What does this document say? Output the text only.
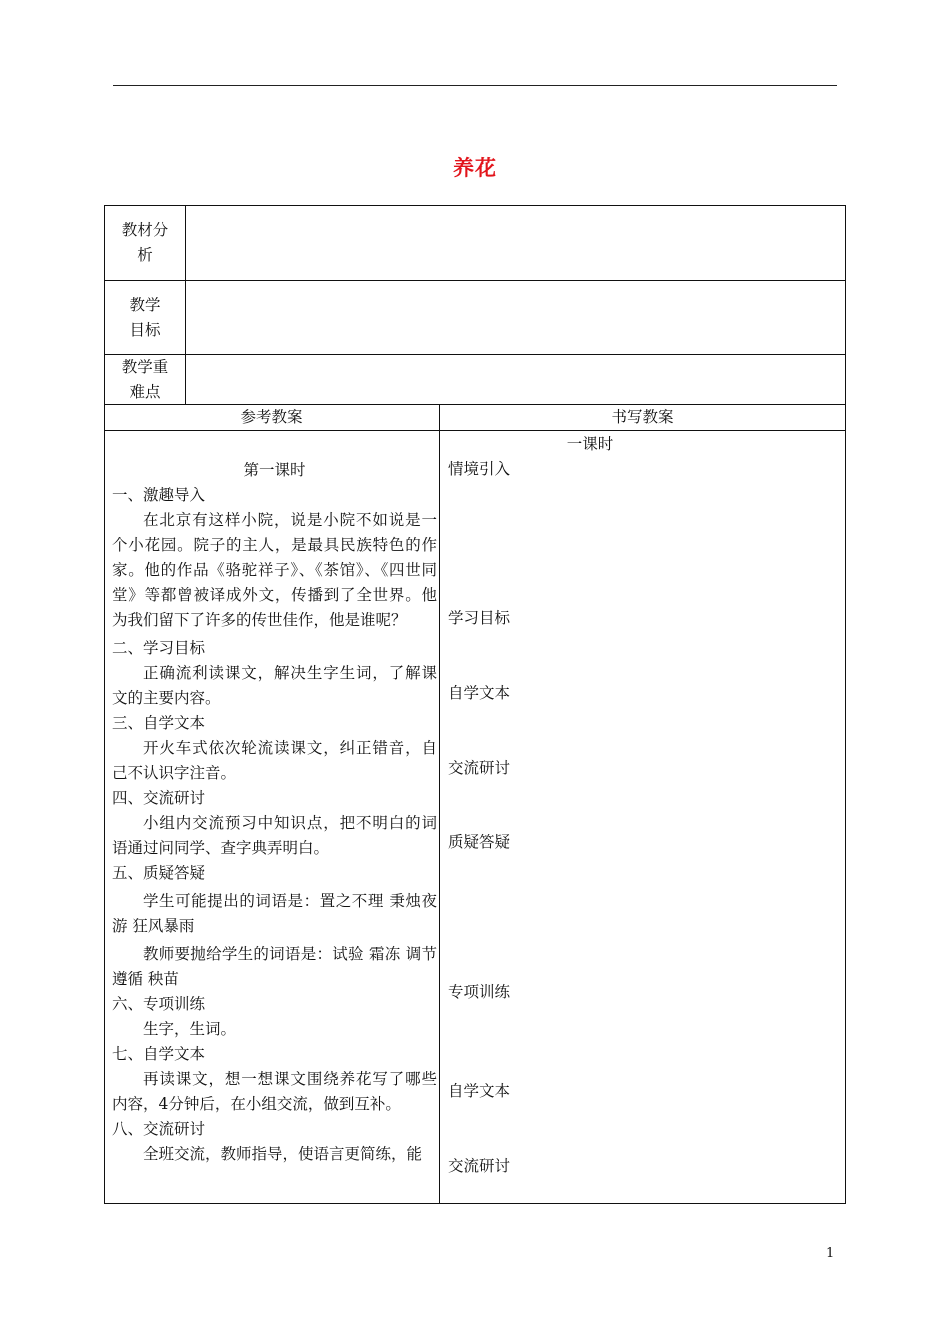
养花
教材分
析
教学
目标
教学重
难点
参考教案	书写教案

第一课时

一、激趣导入

在北京有这样小院，说是小院不如说是一个小花园。院子的主人，是最具民族特色的作家。他的作品《骆驼祥子》、《茶馆》、《四世同堂》等都曾被译成外文，传播到了全世界。他为我们留下了许多的传世佳作，他是谁呢？

二、学习目标

正确流利读课文，解决生字生词，了解课文的主要内容。

三、自学文本

开火车式依次轮流读课文，纠正错音，自己不认识字注音。

四、交流研讨

小组内交流预习中知识点，把不明白的词语通过问同学、查字典弄明白。

五、质疑答疑

学生可能提出的词语是：置之不理 秉烛夜游 狂风暴雨

教师要抛给学生的词语是：试验 霜冻 调节 遵循 秧苗

六、专项训练

生字，生词。

七、自学文本

再读课文，想一想课文围绕养花写了哪些内容，4分钟后，在小组交流，做到互补。

八、交流研讨

全班交流，教师指导，使语言更简练，能

一课时
情境引入
学习目标
自学文本
交流研讨
质疑答疑
专项训练
自学文本
交流研讨
1
